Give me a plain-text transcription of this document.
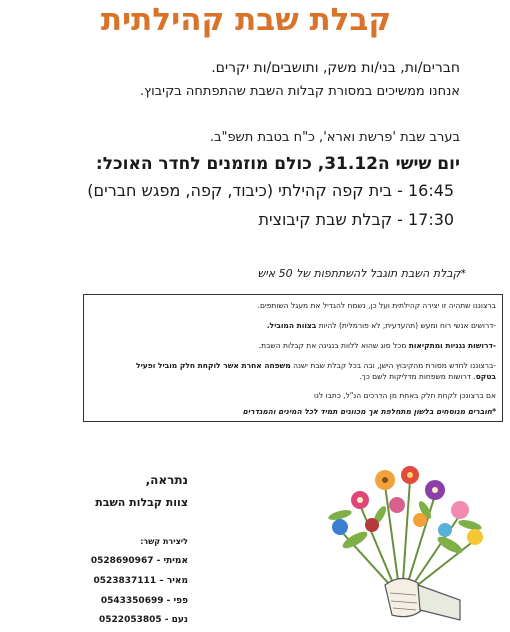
קבלת שבת קהילתית
חברים/ות, בני/ות משק, ותושבים/ות יקרים.
אנחנו ממשיכים במסורת קבלות השבת שהתפתחה בקיבוץ.
בערב שבת 'פרשת וארא', כ"ח בטבת תשפ"ב.
יום שישי ה31.12, כולם מוזמנים לחדר האוכל:
16:45 - בית קפה קהילתי (כיבוד, קפה, מפגש חברים)
17:30 - קבלת שבת קיבוצית
*קבלת השבת תוגבל להשתתפות של 50 איש
ברצוננו שתהיה זו יצירה קהילתית ועל כן, נשמח להגדיל את מעגל השותפים.
-דרושים אנשי רוח ומעש (תהעדעית, לא פורמלית) להיות בצוות המוביל.
-דרושות נגניות ומתקיאות מכל סוג שהוא ללוות בנגינה את קבלות השבת.
-ברצוננו לחדש מסורת מהקיבוץ הישן, ובה בכל קבלת שבת ישנה משפחה אחרת אשר לוקחת חלק מוביל ופעיל
בטקס. דרושות משפחות מדליקות לשם כך.
אם ברצונכן לקחת חלק באחת מן הדרכים הנ"ל, כתבו לנו
*חוברים מנוסחים בלשון מתחלפת אך מכוונים תמיד לכל המינים והמגדרים
נתראה,
צוות קבלות השבת
ליצירת קשר:
אמיתי - 0528690967
מאיר – 0523837111
פפי - 0543350699
נעם - 0522053805
